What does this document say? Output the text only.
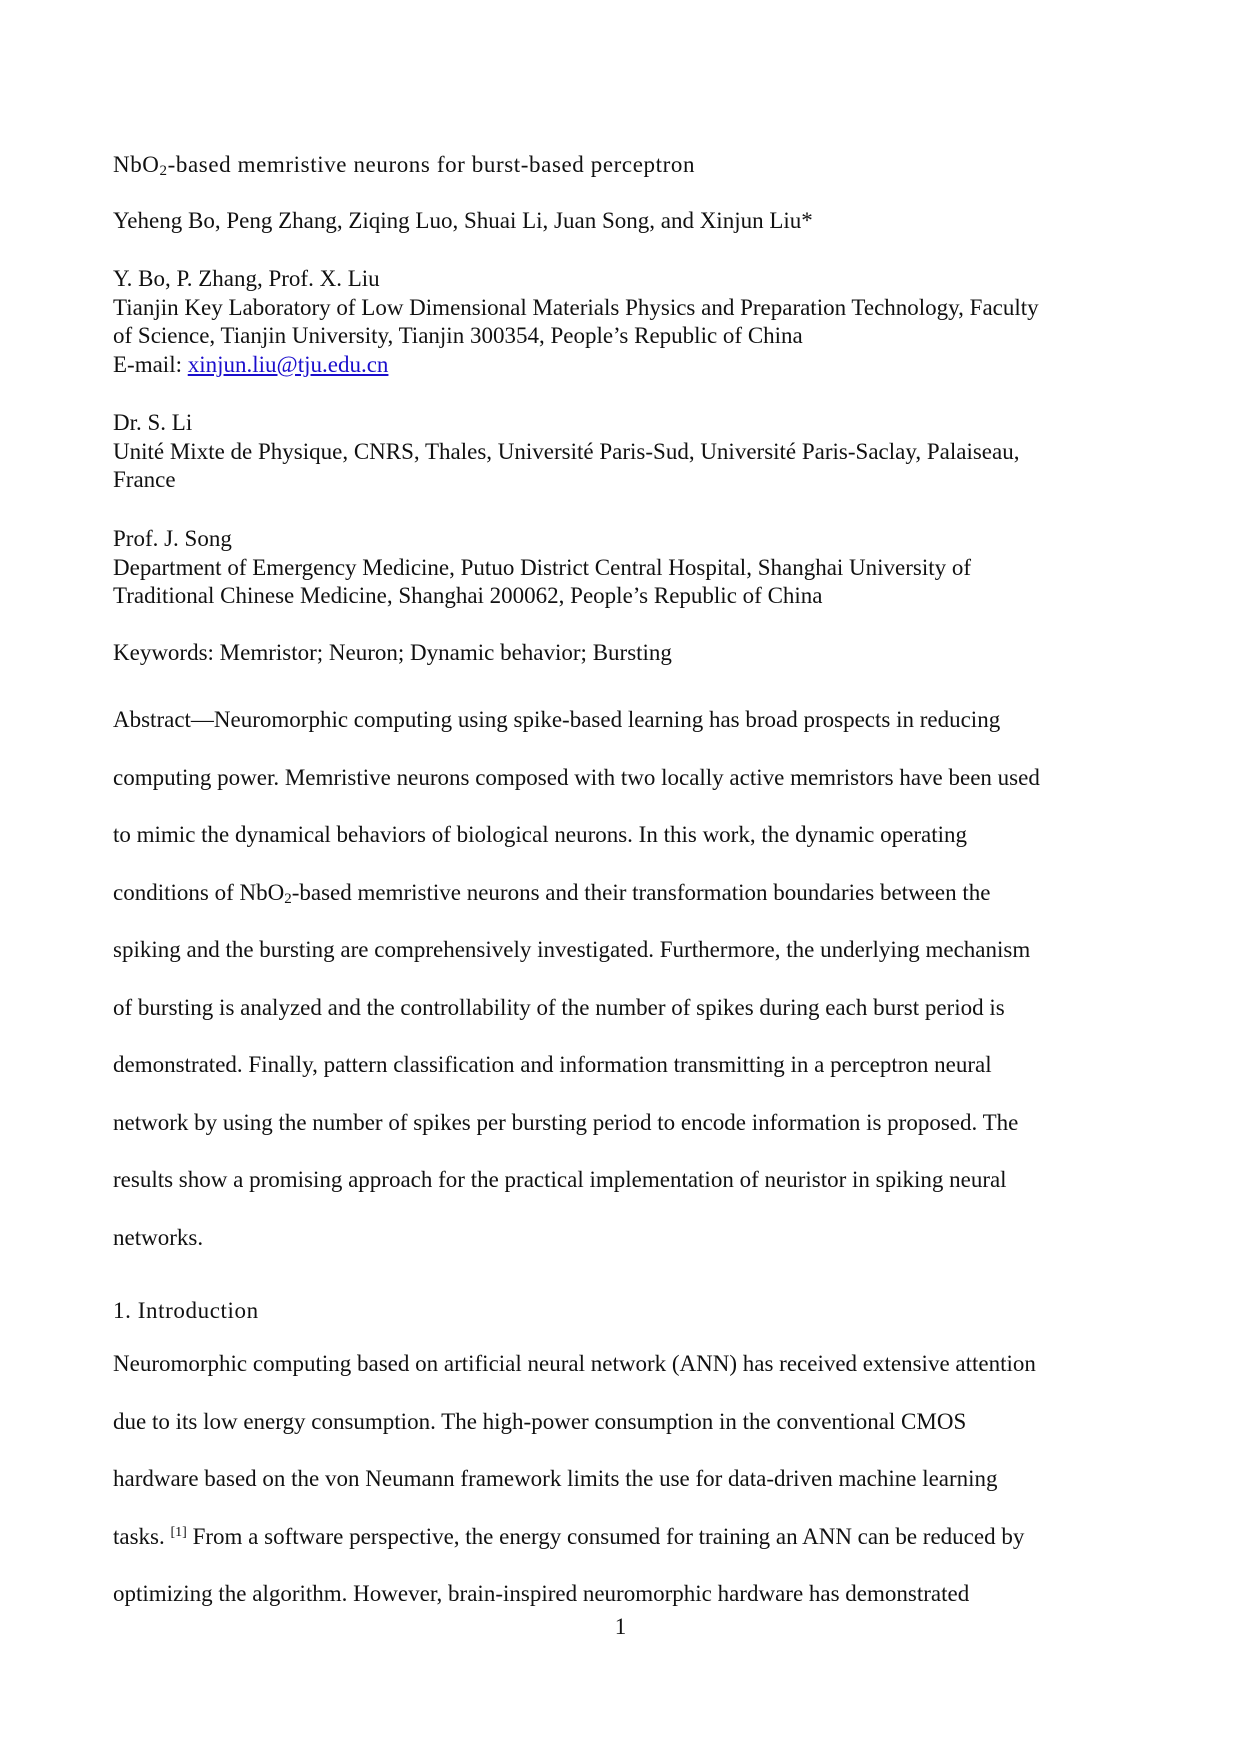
NbO$_2$-based memristive neurons for burst-based perceptron
Yeheng Bo, Peng Zhang, Ziqing Luo, Shuai Li, Juan Song, and Xinjun Liu*
Y. Bo, P. Zhang, Prof. X. Liu
Tianjin Key Laboratory of Low Dimensional Materials Physics and Preparation Technology, Faculty
of Science, Tianjin University, Tianjin 300354, People’s Republic of China
E-mail: xinjun.liu@tju.edu.cn
Dr. S. Li
Unité Mixte de Physique, CNRS, Thales, Université Paris-Sud, Université Paris-Saclay, Palaiseau,
France
Prof. J. Song
Department of Emergency Medicine, Putuo District Central Hospital, Shanghai University of
Traditional Chinese Medicine, Shanghai 200062, People’s Republic of China
Keywords: Memristor; Neuron; Dynamic behavior; Bursting
Abstract—Neuromorphic computing using spike-based learning has broad prospects in reducing
computing power. Memristive neurons composed with two locally active memristors have been used
to mimic the dynamical behaviors of biological neurons. In this work, the dynamic operating
conditions of NbO$_2$-based memristive neurons and their transformation boundaries between the
spiking and the bursting are comprehensively investigated. Furthermore, the underlying mechanism
of bursting is analyzed and the controllability of the number of spikes during each burst period is
demonstrated. Finally, pattern classification and information transmitting in a perceptron neural
network by using the number of spikes per bursting period to encode information is proposed. The
results show a promising approach for the practical implementation of neuristor in spiking neural
networks.
1. Introduction
Neuromorphic computing based on artificial neural network (ANN) has received extensive attention
due to its low energy consumption. The high-power consumption in the conventional CMOS
hardware based on the von Neumann framework limits the use for data-driven machine learning
tasks. [1] From a software perspective, the energy consumed for training an ANN can be reduced by
optimizing the algorithm. However, brain-inspired neuromorphic hardware has demonstrated
1
